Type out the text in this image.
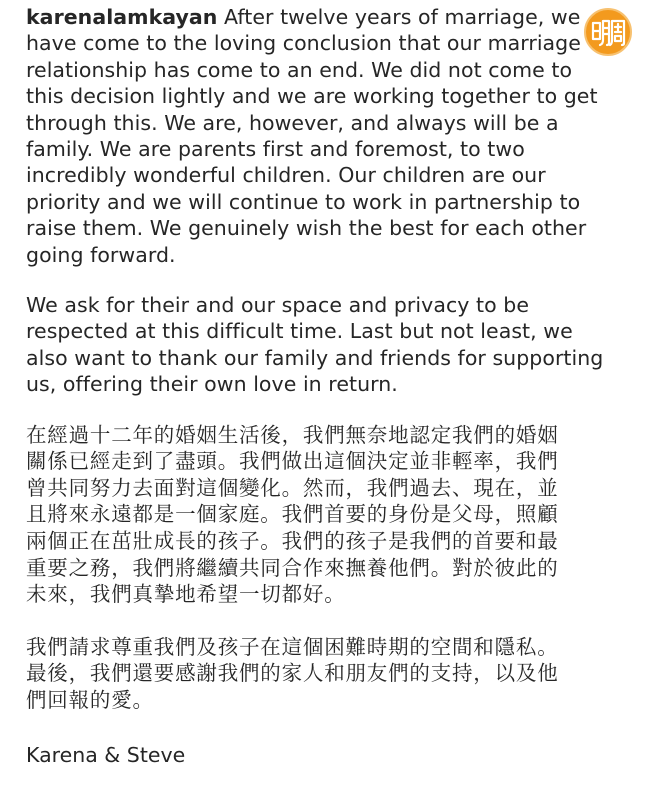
karenalamkayan After twelve years of marriage, we
have come to the loving conclusion that our marriage
relationship has come to an end. We did not come to
this decision lightly and we are working together to get
through this. We are, however, and always will be a
family. We are parents first and foremost, to two
incredibly wonderful children. Our children are our
priority and we will continue to work in partnership to
raise them. We genuinely wish the best for each other
going forward.

We ask for their and our space and privacy to be
respected at this difficult time. Last but not least, we
also want to thank our family and friends for supporting
us, offering their own love in return.

在經過十二年的婚姻生活後，我們無奈地認定我們的婚姻
關係已經走到了盡頭。我們做出這個決定並非輕率，我們
曾共同努力去面對這個變化。然而，我們過去、現在，並
且將來永遠都是一個家庭。我們首要的身份是父母，照顧
兩個正在茁壯成長的孩子。我們的孩子是我們的首要和最
重要之務，我們將繼續共同合作來撫養他們。對於彼此的
未來，我們真摯地希望一切都好。

我們請求尊重我們及孩子在這個困難時期的空間和隱私。
最後，我們還要感謝我們的家人和朋友們的支持，以及他
們回報的愛。

Karena & Steve
